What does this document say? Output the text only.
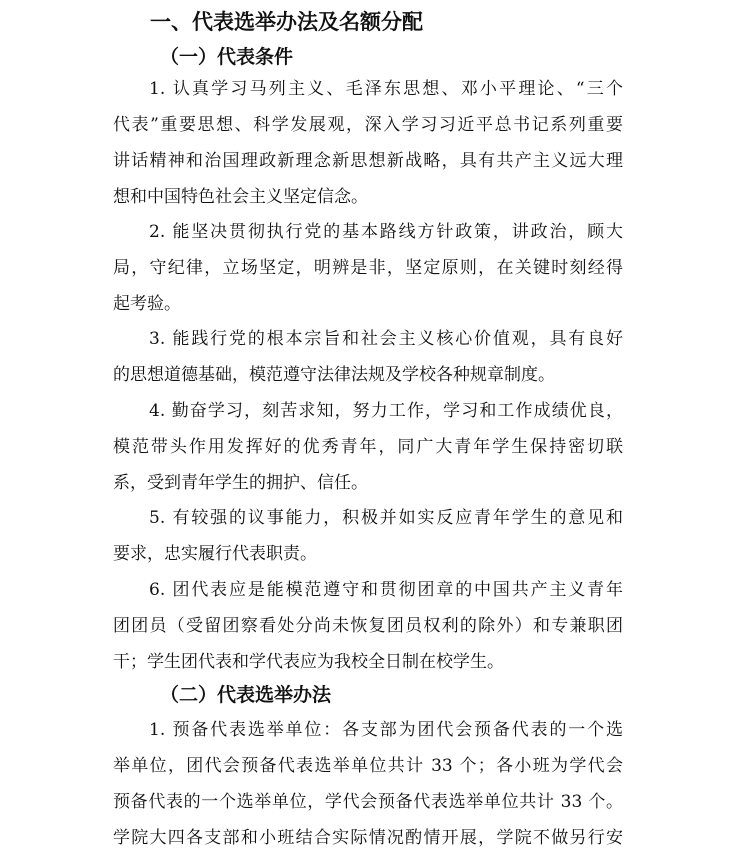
一、代表选举办法及名额分配
（一）代表条件
1. 认真学习马列主义、毛泽东思想、邓小平理论、“三个
代表”重要思想、科学发展观，深入学习习近平总书记系列重要
讲话精神和治国理政新理念新思想新战略，具有共产主义远大理
想和中国特色社会主义坚定信念。
2. 能坚决贯彻执行党的基本路线方针政策，讲政治，顾大
局，守纪律，立场坚定，明辨是非，坚定原则，在关键时刻经得
起考验。
3. 能践行党的根本宗旨和社会主义核心价值观，具有良好
的思想道德基础，模范遵守法律法规及学校各种规章制度。
4. 勤奋学习，刻苦求知，努力工作，学习和工作成绩优良，
模范带头作用发挥好的优秀青年，同广大青年学生保持密切联
系，受到青年学生的拥护、信任。
5. 有较强的议事能力，积极并如实反应青年学生的意见和
要求，忠实履行代表职责。
6. 团代表应是能模范遵守和贯彻团章的中国共产主义青年
团团员（受留团察看处分尚未恢复团员权利的除外）和专兼职团
干；学生团代表和学代表应为我校全日制在校学生。
（二）代表选举办法
1. 预备代表选举单位：各支部为团代会预备代表的一个选
举单位，团代会预备代表选举单位共计 33 个；各小班为学代会
预备代表的一个选举单位，学代会预备代表选举单位共计 33 个。
学院大四各支部和小班结合实际情况酌情开展，学院不做另行安
